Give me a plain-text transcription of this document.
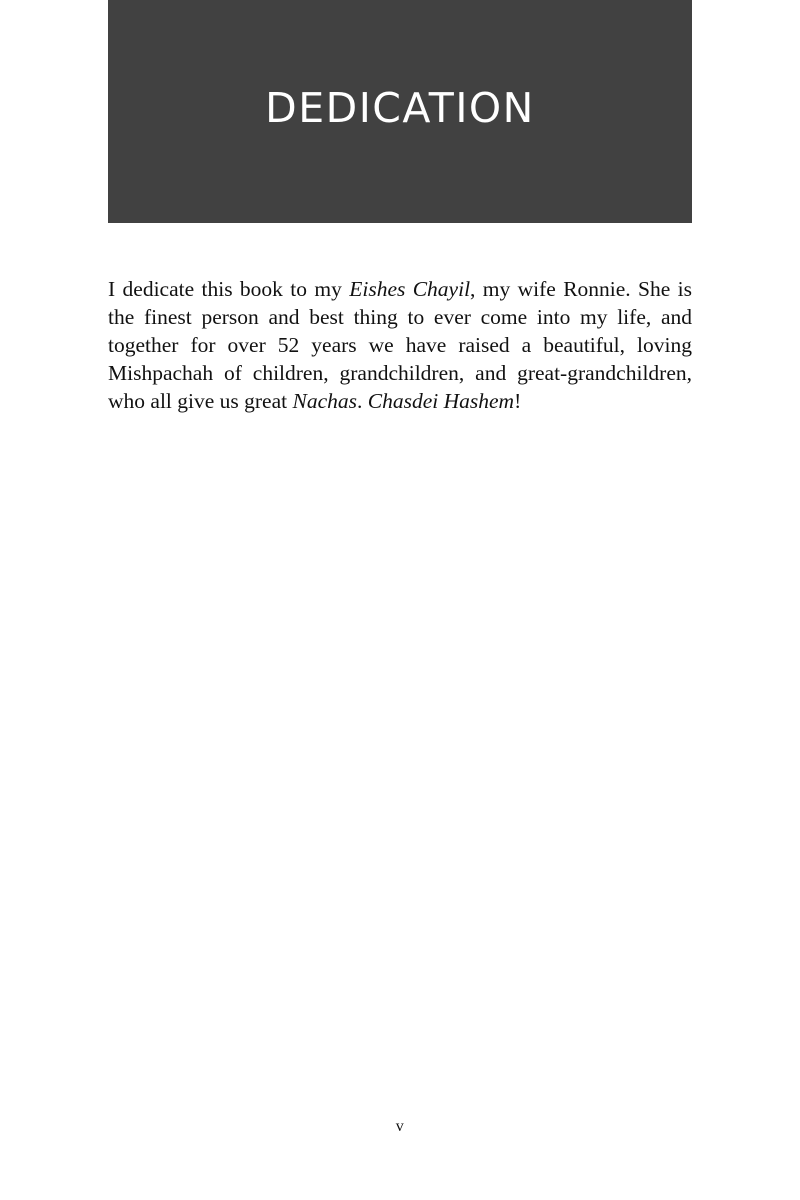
DEDICATION

I dedicate this book to my Eishes Chayil, my wife Ronnie. She is the finest person and best thing to ever come into my life, and together for over 52 years we have raised a beautiful, loving Mishpachah of children, grandchildren, and great-grandchildren, who all give us great Nachas. Chasdei Hashem!

v
